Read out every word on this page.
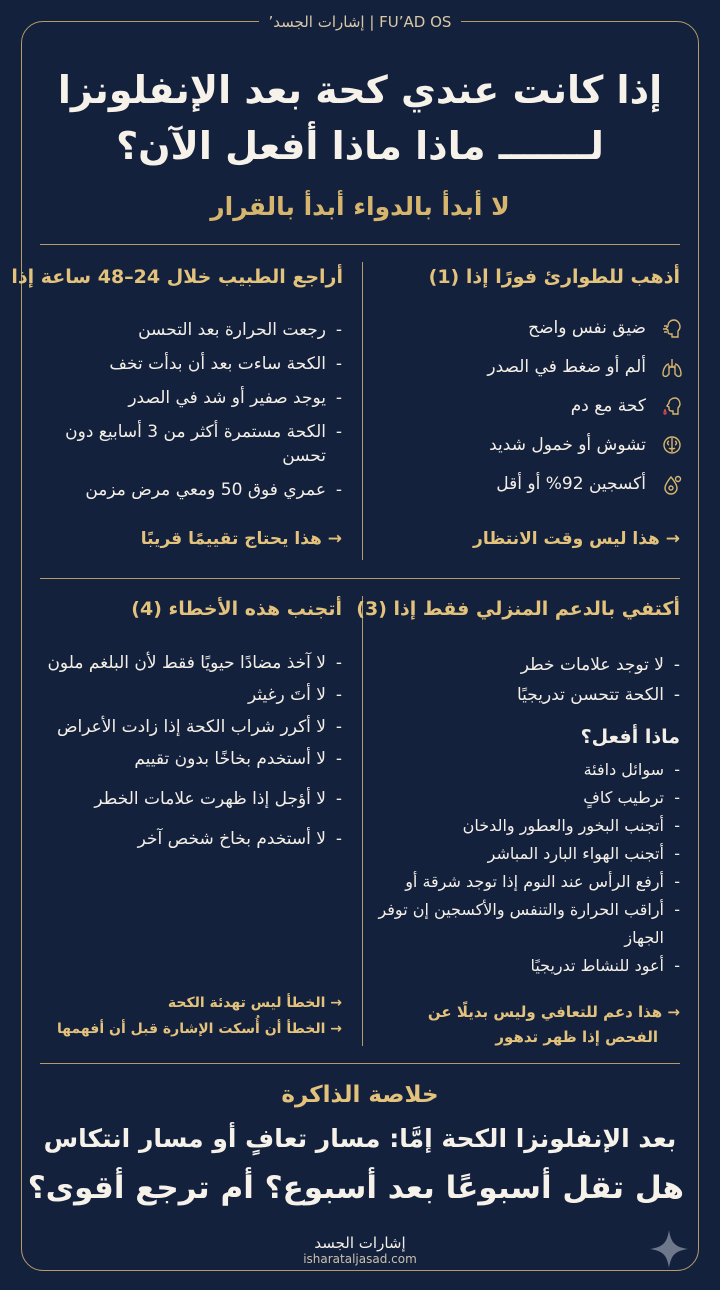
FU’AD OS | إشارات الجسد’
إذا كانت عندي كحة بعد الإنفلونزا
لـــــــ ماذا ماذا أفعل الآن؟
لا أبدأ بالدواء أبدأ بالقرار
أذهب للطوارئ فورًا إذا (1)
ضيق نفس واضح
ألم أو ضغط في الصدر
كحة مع دم
تشوش أو خمول شديد
أكسجين 92% أو أقل
→ هذا ليس وقت الانتظار
أراجع الطبيب خلال 24–48 ساعة إذا
-
رجعت الحرارة بعد التحسن
-
الكحة ساءت بعد أن بدأت تخف
-
يوجد صفير أو شد في الصدر
-
الكحة مستمرة أكثر من 3 أسابيع دون تحسن
-
عمري فوق 50 ومعي مرض مزمن
→ هذا يحتاج تقييمًا قريبًا
أكتفي بالدعم المنزلي فقط إذا (3)
-
لا توجد علامات خطر
-
الكحة تتحسن تدريجيًا
ماذا أفعل؟
-
سوائل دافئة
-
ترطيب كافٍ
-
أتجنب البخور والعطور والدخان
-
أتجنب الهواء البارد المباشر
-
أرفع الرأس عند النوم إذا توجد شرقة أو
-
أراقب الحرارة والتنفس والأكسجين إن توفر الجهاز
-
أعود للنشاط تدريجيًا
→ هذا دعم للتعافي وليس بديلًا عن
الفحص إذا ظهر تدهور
أتجنب هذه الأخطاء (4)
-
لا آخذ مضادًا حيويًا فقط لأن البلغم ملون
-
لا أتَ رغيثر
-
لا أكرر شراب الكحة إذا زادت الأعراض
-
لا أستخدم بخاخًا بدون تقييم
-
لا أؤجل إذا ظهرت علامات الخطر
-
لا أستخدم بخاخ شخص آخر
→ الخطأ ليس تهدئة الكحة
→ الخطأ أن أُسكت الإشارة قبل أن أفهمها
خلاصة الذاكرة
بعد الإنفلونزا الكحة إمَّا: مسار تعافٍ أو مسار انتكاس
هل تقل أسبوعًا بعد أسبوع؟ أم ترجع أقوى؟
إشارات الجسد
isharataljasad.com
